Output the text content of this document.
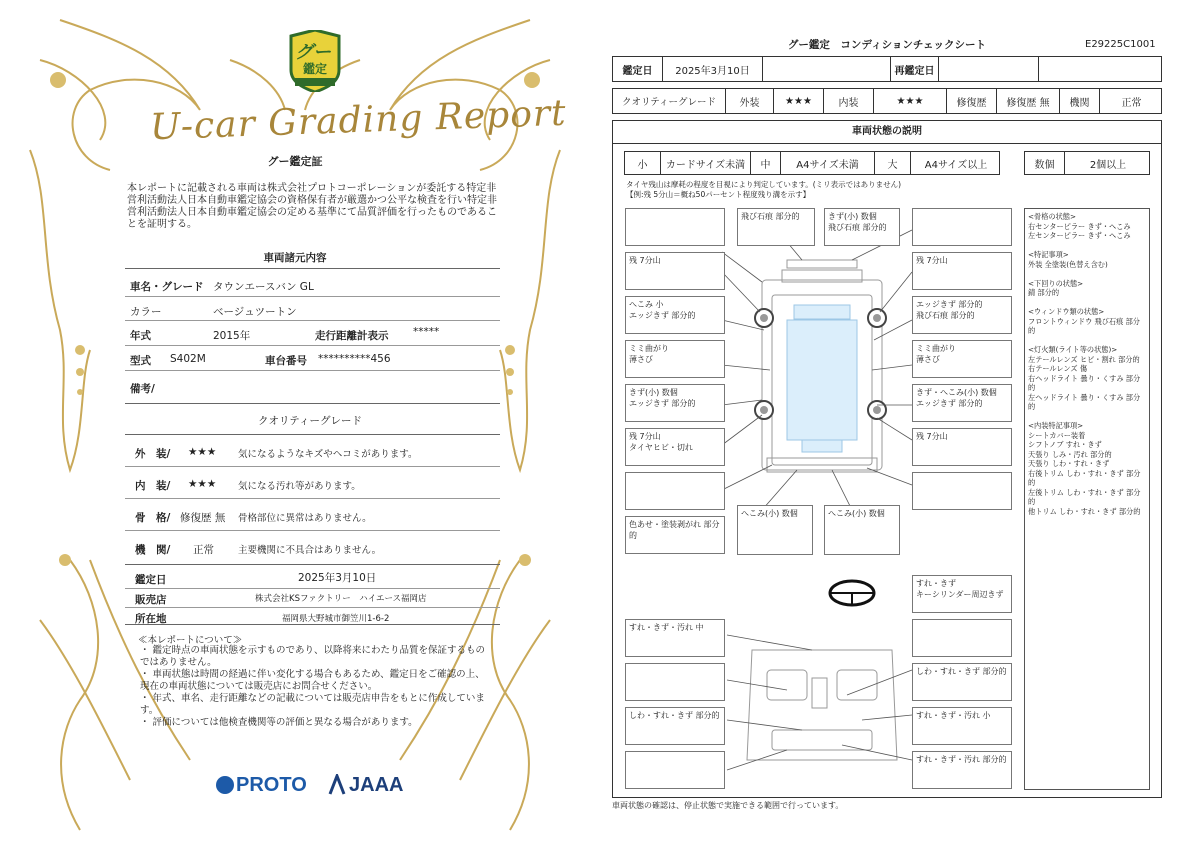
グー
鑑定
U-car Grading Report
グー鑑定証
本レポートに記載される車両は株式会社プロトコーポレーションが委託する特定非営利活動法人日本自動車鑑定協会の資格保有者が厳選かつ公平な検査を行い特定非営利活動法人日本自動車鑑定協会の定める基準にて品質評価を行ったものであることを証明する。
車両諸元内容
車名・グレード タウンエースバン GL
カラー	ベージュツートン
年式	2015年	走行距離計表示 *****
型式 S402M	車台番号 **********456
備考/
クオリティーグレード
外　装/ ★★★ 気になるようなキズやヘコミがあります。
内　装/ ★★★ 気になる汚れ等があります。
骨　格/ 修復歴 無 骨格部位に異常はありません。
機　関/ 正常	主要機関に不具合はありません。
鑑定日	2025年3月10日
販売店	株式会社KSファクトリー　ハイエース福岡店
所在地	福岡県大野城市御笠川1-6-2
≪本レポートについて≫
・ 鑑定時点の車両状態を示すものであり、以降将来にわたり品質を保証するものではありません。
・ 車両状態は時間の経過に伴い変化する場合もあるため、鑑定日をご確認の上、現在の車両状態については販売店にお問合せください。
・ 年式、車名、走行距離などの記載については販売店申告をもとに作成しています。
・ 評価については他検査機関等の評価と異なる場合があります。
PROTO JAAA
グー鑑定　コンディションチェックシート	E29225C1001
鑑定日	2025年3月10日	再鑑定日
クオリティーグレード	外装	★★★	内装	★★★	修復歴	修復歴 無	機関	正常
車両状態の説明
小	カードサイズ未満	中	A4サイズ未満	大	A4サイズ以上	数個	2個以上
タイヤ残山は摩耗の程度を目視により判定しています。(ミリ表示ではありません)
【例:残 5分山＝概ね50パーセント程度残り溝を示す】
飛び石痕 部分的	きず(小) 数個
飛び石痕 部分的
残 7分山	残 7分山
へこみ 小
エッジきず 部分的
エッジきず 部分的
飛び石痕 部分的
ミミ曲がり
薄さび
ミミ曲がり
薄さび
きず(小) 数個
エッジきず 部分的
きず・へこみ(小) 数個
エッジきず 部分的
残 7分山
タイヤヒビ・切れ
残 7分山
色あせ・塗装剥がれ 部分的
へこみ(小) 数個	へこみ(小) 数個
すれ・きず
キーシリンダー周辺きず
すれ・きず・汚れ 中
しわ・すれ・きず 部分的
しわ・すれ・きず 部分的	すれ・きず・汚れ 小
すれ・きず・汚れ 部分的
<骨格の状態>
右センターピラー きず・へこみ
左センターピラー きず・へこみ

<特記事項>
外装 全塗装(色替え含む)

<下回りの状態>
錆 部分的

<ウィンドウ類の状態>
フロントウィンドウ 飛び石痕 部分的

<灯火類(ライト等の状態)>
左テールレンズ ヒビ・割れ 部分的
右テールレンズ 傷
右ヘッドライト 曇り・くすみ 部分的
左ヘッドライト 曇り・くすみ 部分的

<内装特記事項>
シートカバー装着
シフトノブ すれ・きず
天張り しみ・汚れ 部分的
天張り しわ・すれ・きず
右後トリム しわ・すれ・きず 部分的
左後トリム しわ・すれ・きず 部分的
他トリム しわ・すれ・きず 部分的
車両状態の確認は、停止状態で実施できる範囲で行っています。
